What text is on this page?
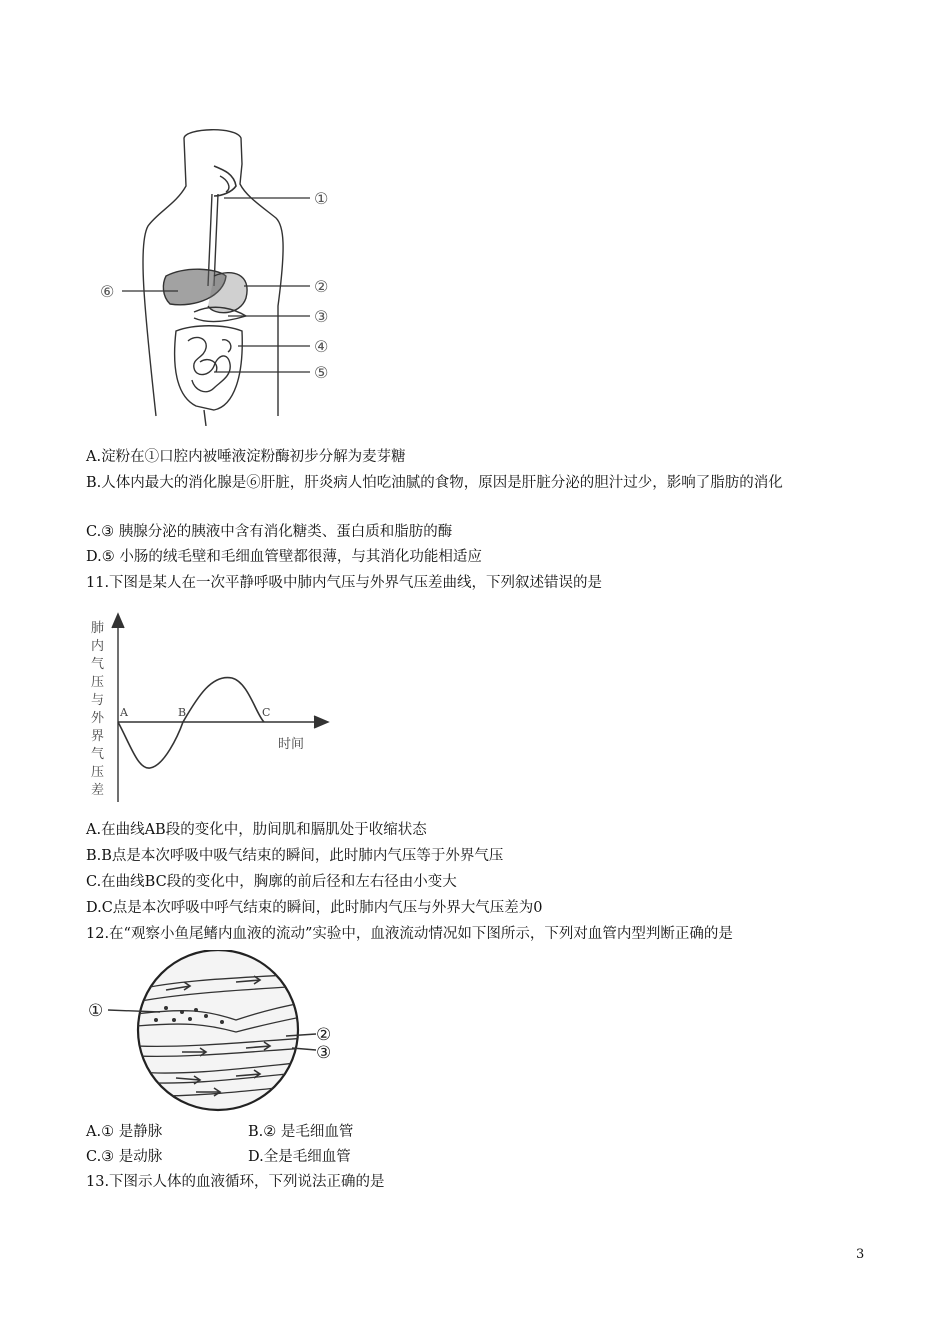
①
②
③
④
⑤
⑥
A.淀粉在①口腔内被唾液淀粉酶初步分解为麦芽糖
B.人体内最大的消化腺是⑥肝脏，肝炎病人怕吃油腻的食物，原因是肝脏分泌的胆汁过少，影响了脂肪的消化
C.③ 胰腺分泌的胰液中含有消化糖类、蛋白质和脂肪的酶
D.⑤ 小肠的绒毛壁和毛细血管壁都很薄，与其消化功能相适应
11.下图是某人在一次平静呼吸中肺内气压与外界气压差曲线，下列叙述错误的是
肺
内
气
压
与
外
界
气
压
差
时间
A	B	C
A.在曲线AB段的变化中，肋间肌和膈肌处于收缩状态
B.B点是本次呼吸中吸气结束的瞬间，此时肺内气压等于外界气压
C.在曲线BC段的变化中，胸廓的前后径和左右径由小变大
D.C点是本次呼吸中呼气结束的瞬间，此时肺内气压与外界大气压差为0
12.在“观察小鱼尾鳍内血液的流动”实验中，血液流动情况如下图所示，下列对血管内型判断正确的是
①
②
③
A.① 是静脉	B.② 是毛细血管
C.③ 是动脉	D.全是毛细血管
13.下图示人体的血液循环，下列说法正确的是
3
